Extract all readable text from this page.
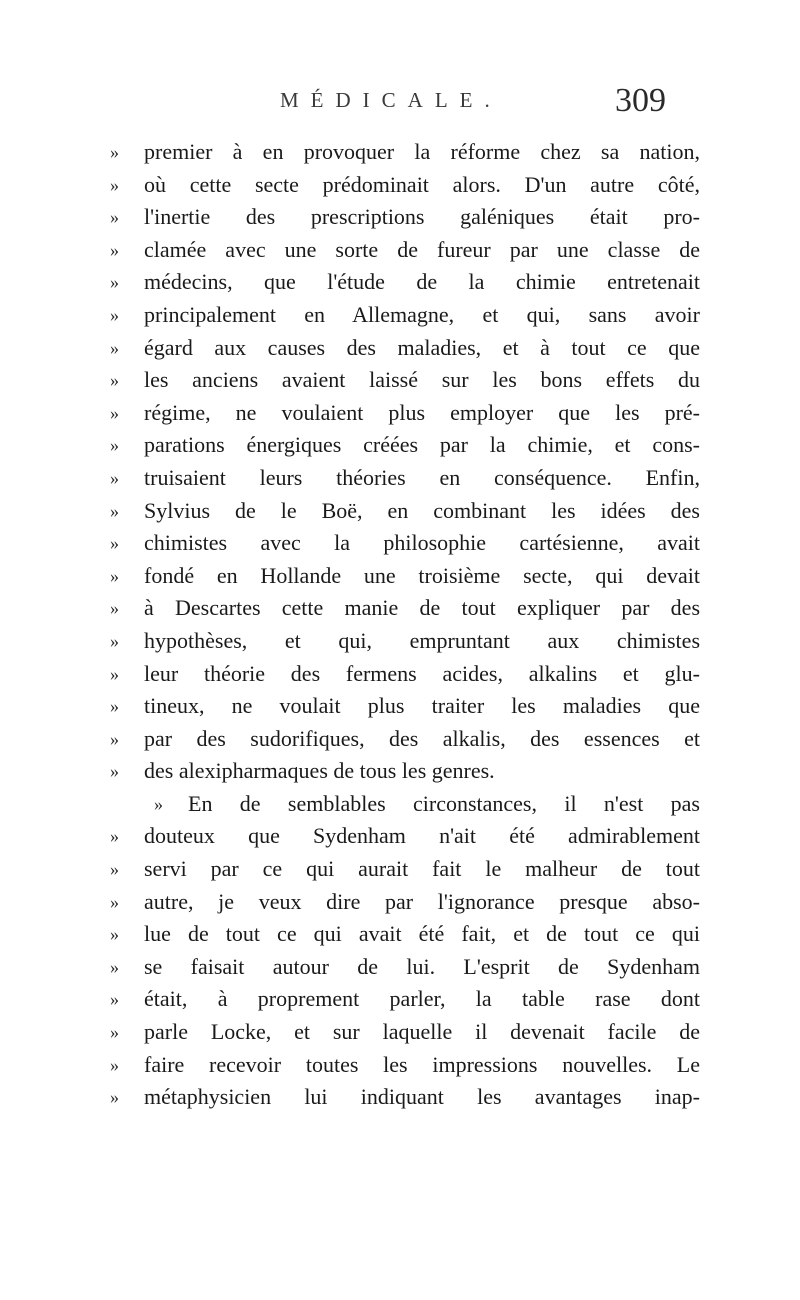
MÉDICALE.	309
»	premier à en provoquer la réforme chez sa nation,
»	où cette secte prédominait alors. D'un autre côté,
»	l'inertie des prescriptions galéniques était pro-
»	clamée avec une sorte de fureur par une classe de
»	médecins, que l'étude de la chimie entretenait
»	principalement en Allemagne, et qui, sans avoir
»	égard aux causes des maladies, et à tout ce que
»	les anciens avaient laissé sur les bons effets du
»	régime, ne voulaient plus employer que les pré-
»	parations énergiques créées par la chimie, et cons-
»	truisaient leurs théories en conséquence. Enfin,
»	Sylvius de le Boë, en combinant les idées des
»	chimistes avec la philosophie cartésienne, avait
»	fondé en Hollande une troisième secte, qui devait
»	à Descartes cette manie de tout expliquer par des
»	hypothèses, et qui, empruntant aux chimistes
»	leur théorie des fermens acides, alkalins et glu-
»	tineux, ne voulait plus traiter les maladies que
»	par des sudorifiques, des alkalis, des essences et
»	des alexipharmaques de tous les genres.
»	En de semblables circonstances, il n'est pas
»	douteux que Sydenham n'ait été admirablement
»	servi par ce qui aurait fait le malheur de tout
»	autre, je veux dire par l'ignorance presque abso-
»	lue de tout ce qui avait été fait, et de tout ce qui
»	se faisait autour de lui. L'esprit de Sydenham
»	était, à proprement parler, la table rase dont
»	parle Locke, et sur laquelle il devenait facile de
»	faire recevoir toutes les impressions nouvelles. Le
»	métaphysicien lui indiquant les avantages inap-
